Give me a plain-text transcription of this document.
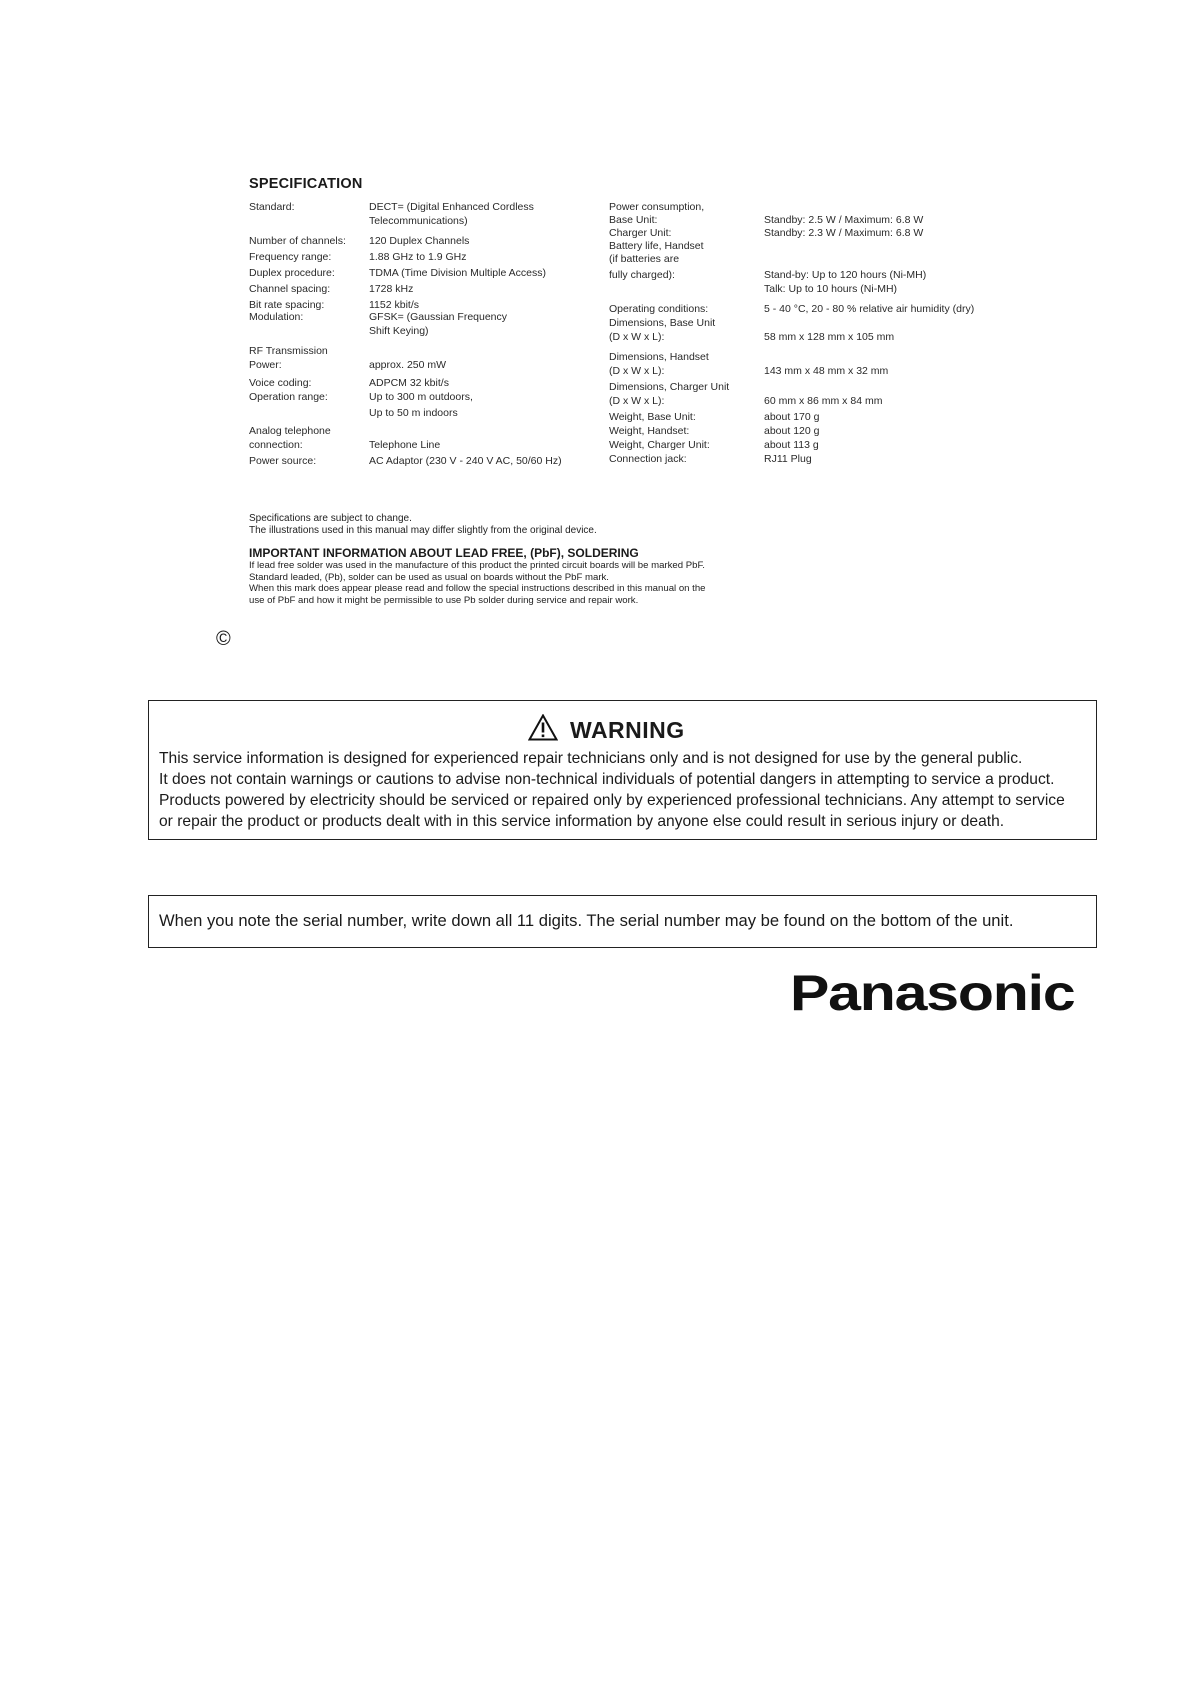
SPECIFICATION
Standard:	DECT= (Digital Enhanced Cordless
Telecommunications)
Number of channels: 120 Duplex Channels
Frequency range:	1.88 GHz to 1.9 GHz
Duplex procedure:	TDMA (Time Division Multiple Access)
Channel spacing:	1728 kHz
Bit rate spacing:	1152 kbit/s
Modulation:	GFSK= (Gaussian Frequency
Shift Keying)
RF Transmission
Power:	approx. 250 mW
Voice coding:	ADPCM 32 kbit/s
Operation range:	Up to 300 m outdoors,
Up to 50 m indoors
Analog telephone
connection:	Telephone Line
Power source:	AC Adaptor (230 V - 240 V AC, 50/60 Hz)
Power consumption,
Base Unit:	Standby: 2.5 W / Maximum: 6.8 W
Charger Unit:	Standby: 2.3 W / Maximum: 6.8 W
Battery life, Handset
(if batteries are
fully charged):	Stand-by: Up to 120 hours (Ni-MH)
Talk: Up to 10 hours (Ni-MH)
Operating conditions:	5 - 40 °C, 20 - 80 % relative air humidity (dry)
Dimensions, Base Unit
(D x W x L):	58 mm x 128 mm x 105 mm
Dimensions, Handset
(D x W x L):	143 mm x 48 mm x 32 mm
Dimensions, Charger Unit
(D x W x L):	60 mm x 86 mm x 84 mm
Weight, Base Unit:	about 170 g
Weight, Handset:	about 120 g
Weight, Charger Unit:	about 113 g
Connection jack:	RJ11 Plug
Specifications are subject to change.
The illustrations used in this manual may differ slightly from the original device.
IMPORTANT INFORMATION ABOUT LEAD FREE, (PbF), SOLDERING
If lead free solder was used in the manufacture of this product the printed circuit boards will be marked PbF.
Standard leaded, (Pb), solder can be used as usual on boards without the PbF mark.
When this mark does appear please read and follow the special instructions described in this manual on the
use of PbF and how it might be permissible to use Pb solder during service and repair work.
©
WARNING
This service information is designed for experienced repair technicians only and is not designed for use by the general public.
It does not contain warnings or cautions to advise non-technical individuals of potential dangers in attempting to service a product.
Products powered by electricity should be serviced or repaired only by experienced professional technicians. Any attempt to service
or repair the product or products dealt with in this service information by anyone else could result in serious injury or death.
When you note the serial number, write down all 11 digits. The serial number may be found on the bottom of the unit.
Panasonic
